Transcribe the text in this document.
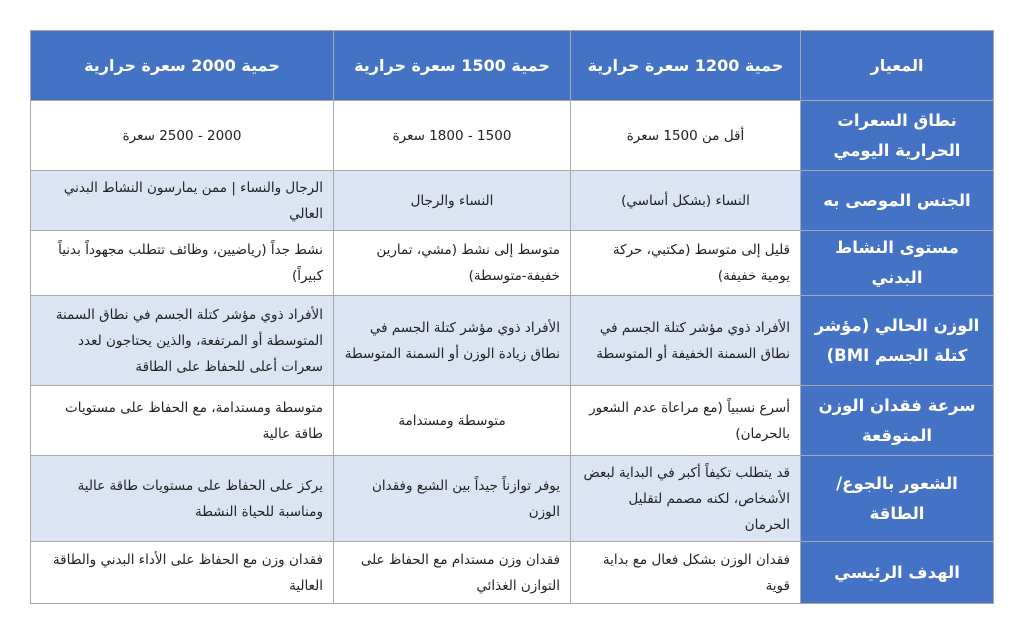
المعيار	حمية 1200 سعرة حرارية	حمية 1500 سعرة حرارية	حمية 2000 سعرة حرارية
نطاق السعرات الحرارية اليومي	أقل من 1500 سعرة	1500 - 1800 سعرة	2000 - 2500 سعرة
الجنس الموصى به	النساء (بشكل أساسي)	النساء والرجال	الرجال والنساء | ممن يمارسون النشاط البدني العالي
مستوى النشاط البدني	قليل إلى متوسط (مكتبي، حركة يومية خفيفة)	متوسط إلى نشط (مشي، تمارين خفيفة-متوسطة)	نشط جداً (رياضيين، وظائف تتطلب مجهوداً بدنياً كبيراً)
الوزن الحالي (مؤشر كتلة الجسم BMI)	الأفراد ذوي مؤشر كتلة الجسم في نطاق السمنة الخفيفة أو المتوسطة	الأفراد ذوي مؤشر كتلة الجسم في نطاق زيادة الوزن أو السمنة المتوسطة	الأفراد ذوي مؤشر كتلة الجسم في نطاق السمنة المتوسطة أو المرتفعة، والذين يحتاجون لعدد سعرات أعلى للحفاظ على الطاقة
سرعة فقدان الوزن المتوقعة	أسرع نسبياً (مع مراعاة عدم الشعور بالحرمان)	متوسطة ومستدامة	متوسطة ومستدامة، مع الحفاظ على مستويات طاقة عالية
الشعور بالجوع/الطاقة	قد يتطلب تكيفاً أكبر في البداية لبعض الأشخاص، لكنه مصمم لتقليل الحرمان	يوفر توازناً جيداً بين الشبع وفقدان الوزن	يركز على الحفاظ على مستويات طاقة عالية ومناسبة للحياة النشطة
الهدف الرئيسي	فقدان الوزن بشكل فعال مع بداية قوية	فقدان وزن مستدام مع الحفاظ على التوازن الغذائي	فقدان وزن مع الحفاظ على الأداء البدني والطاقة العالية
